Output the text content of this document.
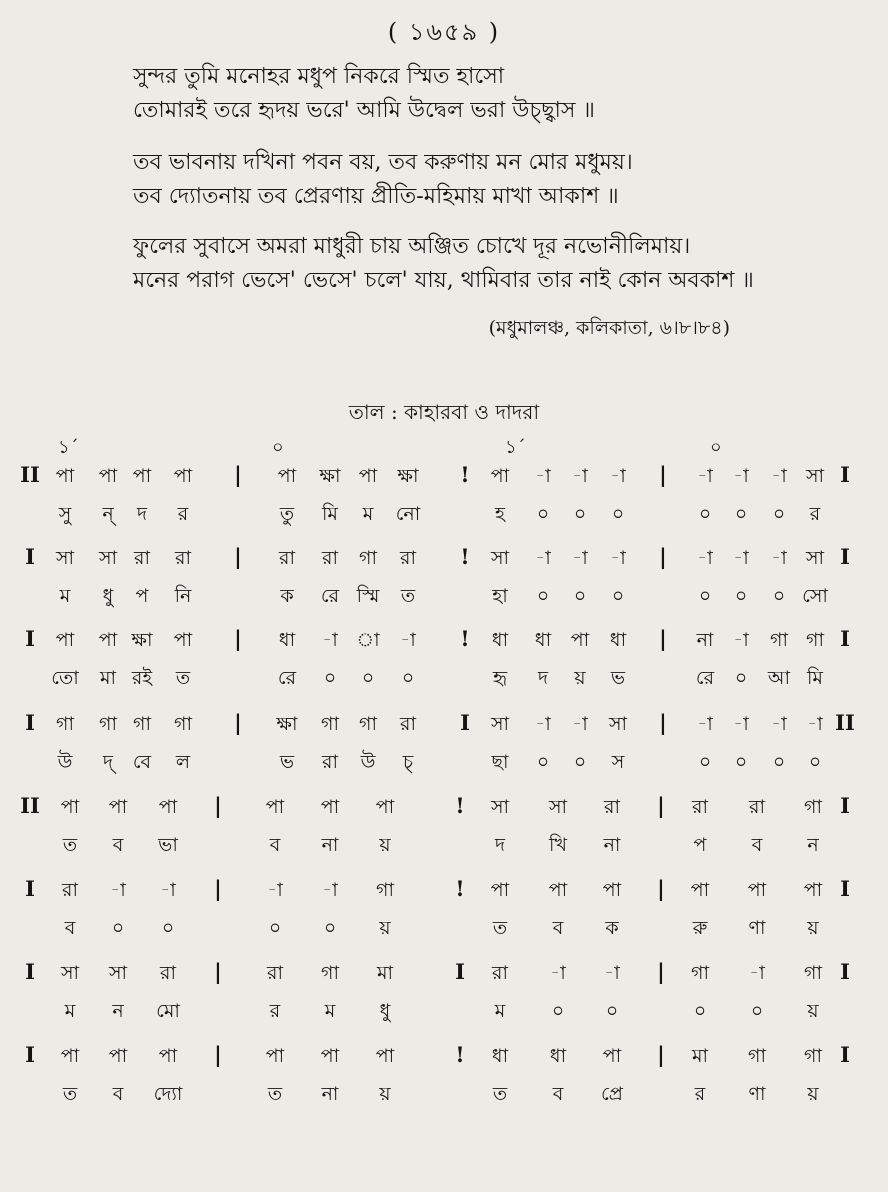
( ১৬৫৯ )
সুন্দর তুমি মনোহর মধুপ নিকরে স্মিত হাসো
তোমারই তরে হৃদয় ভরে' আমি উদ্বেল ভরা উচ্ছ্বাস ॥
তব ভাবনায় দখিনা পবন বয়, তব করুণায় মন মোর মধুময়।
তব দ্যোতনায় তব প্রেরণায় প্রীতি-মহিমায় মাখা আকাশ ॥
ফুলের সুবাসে অমরা মাধুরী চায় অঞ্জিত চোখে দূর নভোনীলিমায়।
মনের পরাগ ভেসে' ভেসে' চলে' যায়, থামিবার তার নাই কোন অবকাশ ॥
(মধুমালঞ্চ, কলিকাতা, ৬।৮।৮৪)
তাল : কাহারবা ও দাদরা
১´	০	১´	০
II পা পা পা পা	পা ক্ষা পা ক্ষা	পা -া -া -া	-া -া -া সা
|	!	|	I
সু ন্ দ র	তু মি ম নো	হ ০ ০ ০	০ ০ ০ র
I সা সা রা রা	রা রা গা রা	সা -া -া -া	-া -া -া সা
|	!	|	I
ম ধু প নি	ক রে স্মি ত	হা ০ ০ ০	০ ০ ০ সো
I পা পা ক্ষা পা	ধা -া া -া	ধা ধা পা ধা	না -া গা গা
|	!	|	I
তো মা রই ত	রে ০ ০ ০	হৃ দ য় ভ	রে ০ আ মি
I গা গা গা গা	ক্ষা গা গা রা	সা -া -া সা	-া -া -া -া
|	I	|	II
উ দ্ বে ল	ভ রা উ চ্	ছা ০ ০ স	০ ০ ০ ০
II পা পা পা	পা পা পা	সা সা রা	রা রা গা
|	!	|	I
ত ব ভা	ব না য়	দ খি না	প ব ন
I রা -া -া	-া -া গা	পা পা পা	পা পা পা
|	!	|	I
ব ০ ০	০ ০ য়	ত ব ক	রু ণা য়
I সা সা রা	রা গা মা	রা -া -া	গা -া গা
|	I	|	I
ম ন মো	র ম ধু	ম ০ ০	০ ০ য়
I পা পা পা	পা পা পা	ধা ধা পা	মা গা গা
|	!	|	I
ত ব দ্যো	ত না য়	ত ব প্রে	র ণা য়
